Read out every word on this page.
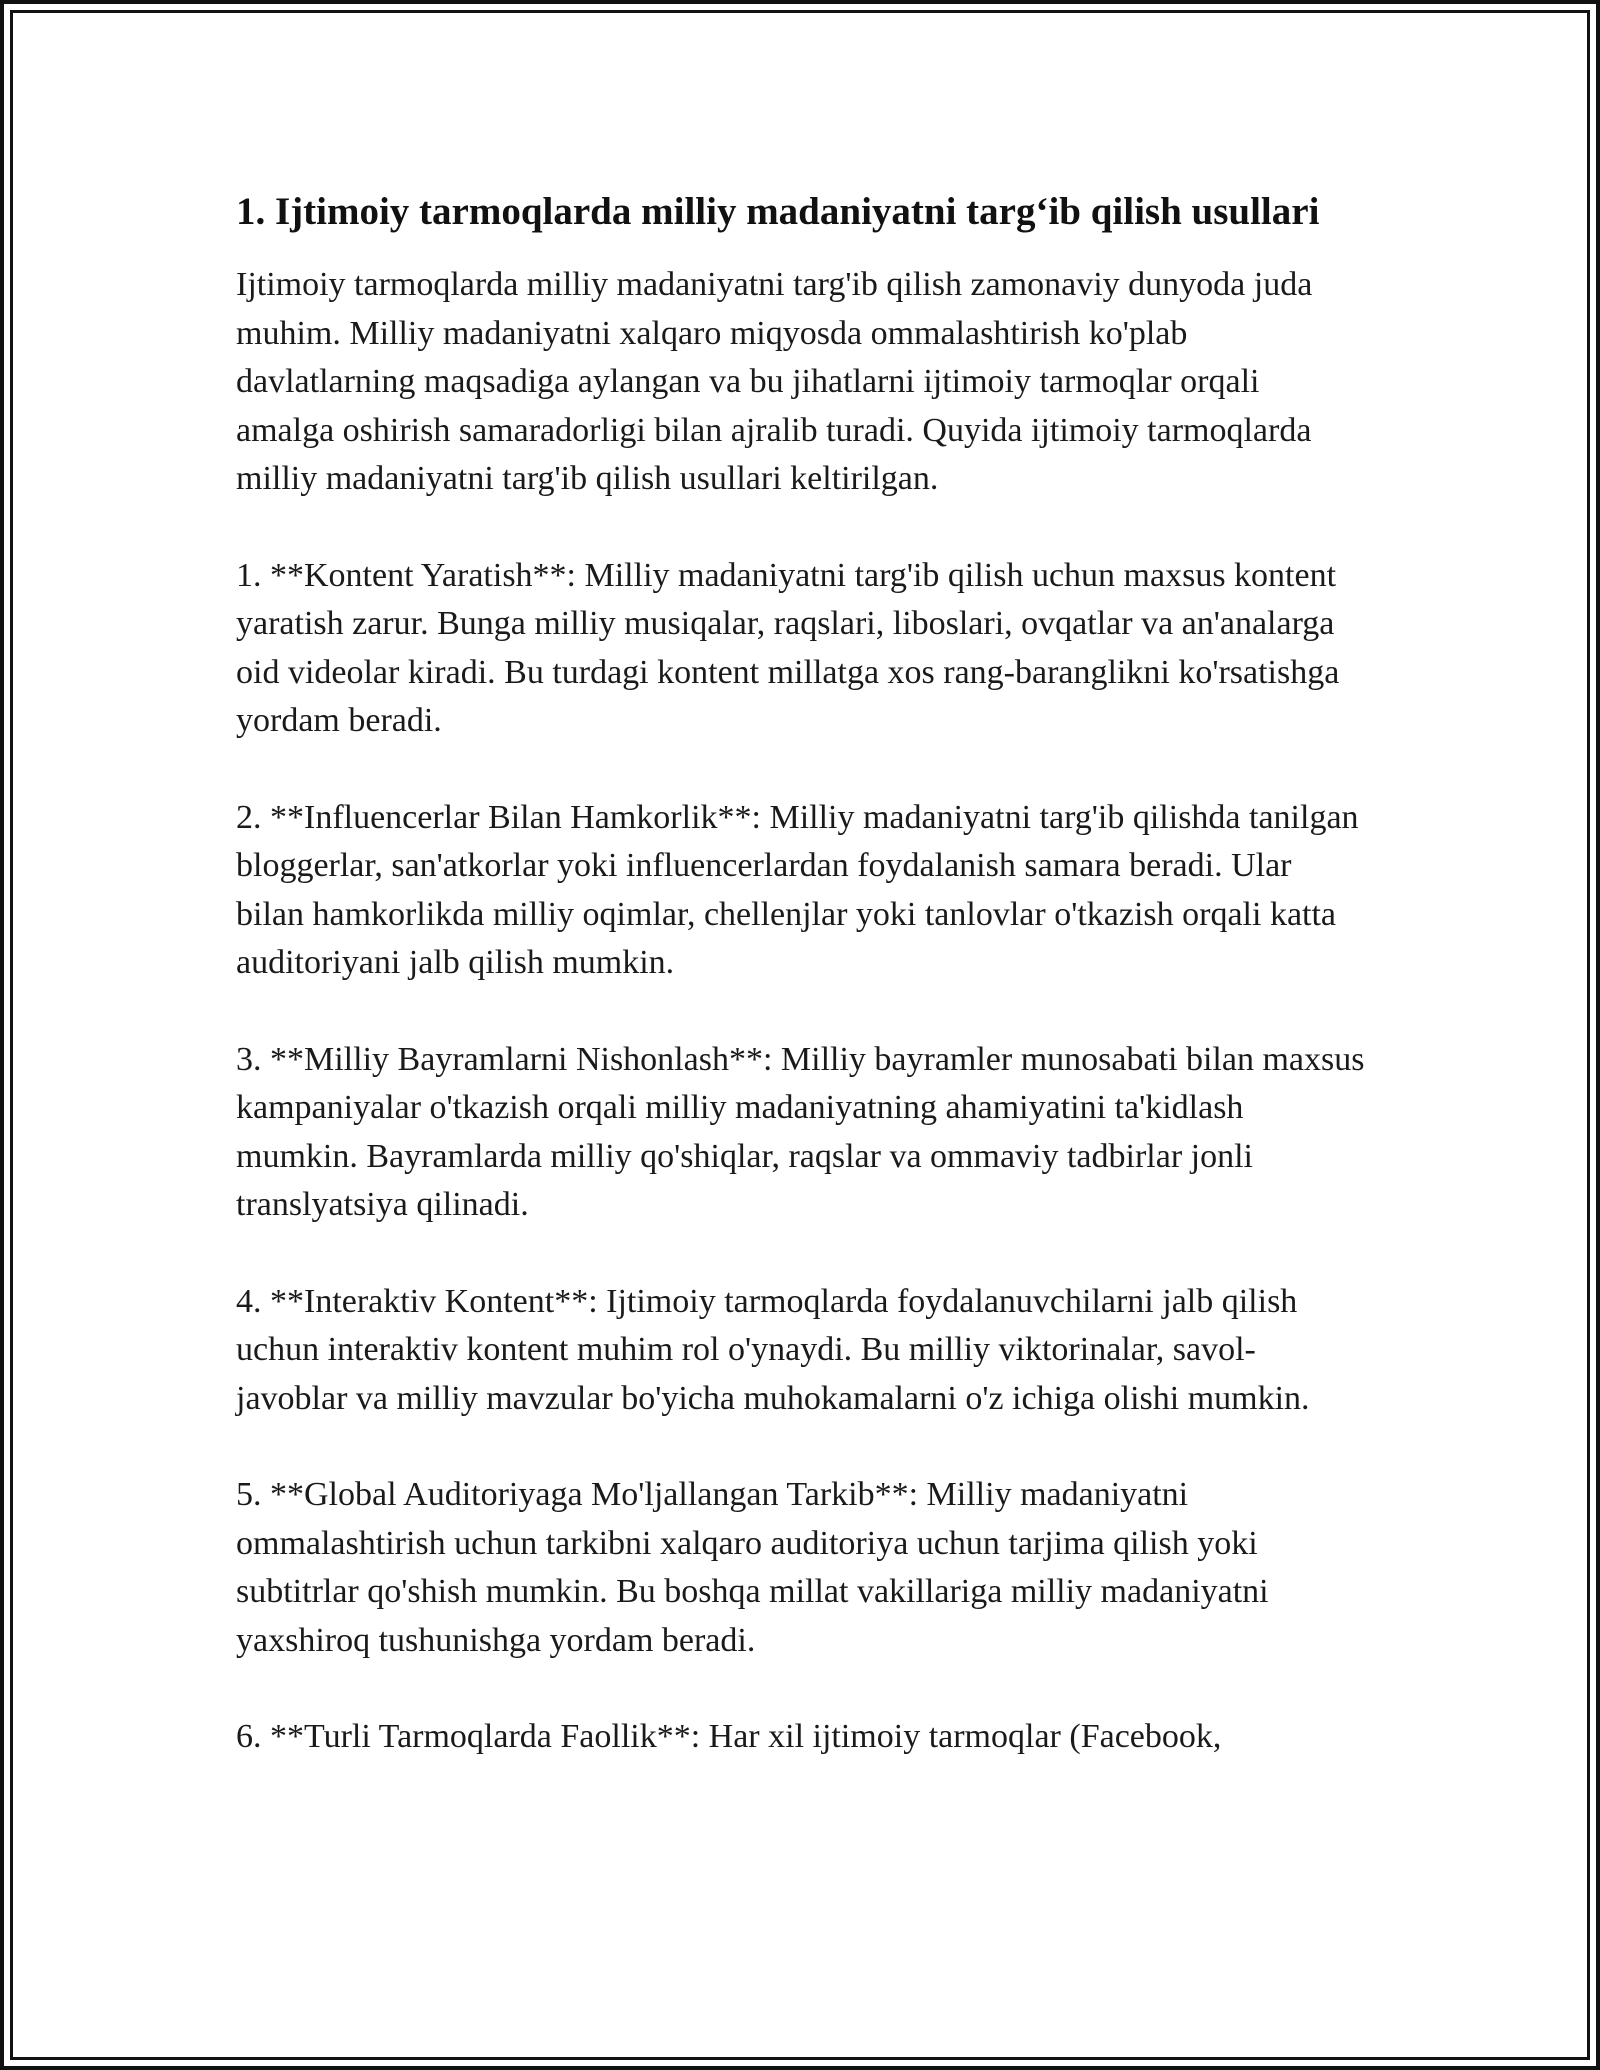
1. Ijtimoiy tarmoqlarda milliy madaniyatni targ‘ib qilish usullari

Ijtimoiy tarmoqlarda milliy madaniyatni targ'ib qilish zamonaviy dunyoda juda muhim. Milliy madaniyatni xalqaro miqyosda ommalashtirish ko'plab davlatlarning maqsadiga aylangan va bu jihatlarni ijtimoiy tarmoqlar orqali amalga oshirish samaradorligi bilan ajralib turadi. Quyida ijtimoiy tarmoqlarda milliy madaniyatni targ'ib qilish usullari keltirilgan.

1. **Kontent Yaratish**: Milliy madaniyatni targ'ib qilish uchun maxsus kontent yaratish zarur. Bunga milliy musiqalar, raqslari, liboslari, ovqatlar va an'analarga oid videolar kiradi. Bu turdagi kontent millatga xos rang-baranglikni ko'rsatishga yordam beradi.

2. **Influencerlar Bilan Hamkorlik**: Milliy madaniyatni targ'ib qilishda tanilgan bloggerlar, san'atkorlar yoki influencerlardan foydalanish samara beradi. Ular bilan hamkorlikda milliy oqimlar, chellenjlar yoki tanlovlar o'tkazish orqali katta auditoriyani jalb qilish mumkin.

3. **Milliy Bayramlarni Nishonlash**: Milliy bayramler munosabati bilan maxsus kampaniyalar o'tkazish orqali milliy madaniyatning ahamiyatini ta'kidlash mumkin. Bayramlarda milliy qo'shiqlar, raqslar va ommaviy tadbirlar jonli translyatsiya qilinadi.

4. **Interaktiv Kontent**: Ijtimoiy tarmoqlarda foydalanuvchilarni jalb qilish uchun interaktiv kontent muhim rol o'ynaydi. Bu milliy viktorinalar, savol-javoblar va milliy mavzular bo'yicha muhokamalarni o'z ichiga olishi mumkin.

5. **Global Auditoriyaga Mo'ljallangan Tarkib**: Milliy madaniyatni ommalashtirish uchun tarkibni xalqaro auditoriya uchun tarjima qilish yoki subtitrlar qo'shish mumkin. Bu boshqa millat vakillariga milliy madaniyatni yaxshiroq tushunishga yordam beradi.

6. **Turli Tarmoqlarda Faollik**: Har xil ijtimoiy tarmoqlar (Facebook,
